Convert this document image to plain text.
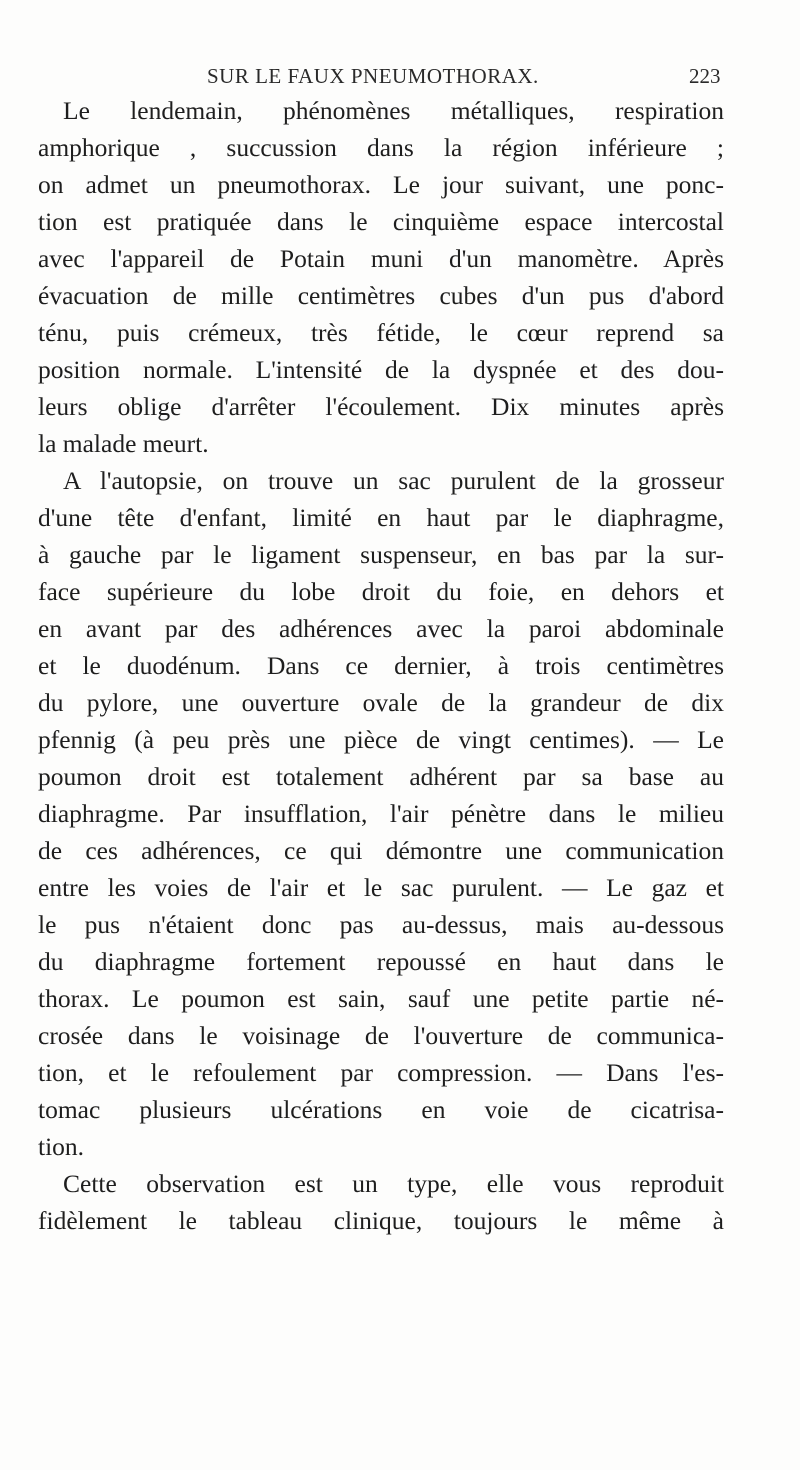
SUR LE FAUX PNEUMOTHORAX.	223
Le lendemain, phénomènes métalliques, respiration
amphorique , succussion dans la région inférieure ;
on admet un pneumothorax. Le jour suivant, une ponc-
tion est pratiquée dans le cinquième espace intercostal
avec l'appareil de Potain muni d'un manomètre. Après
évacuation de mille centimètres cubes d'un pus d'abord
ténu, puis crémeux, très fétide, le cœur reprend sa
position normale. L'intensité de la dyspnée et des dou-
leurs oblige d'arrêter l'écoulement. Dix minutes après
la malade meurt.
A l'autopsie, on trouve un sac purulent de la grosseur
d'une tête d'enfant, limité en haut par le diaphragme,
à gauche par le ligament suspenseur, en bas par la sur-
face supérieure du lobe droit du foie, en dehors et
en avant par des adhérences avec la paroi abdominale
et le duodénum. Dans ce dernier, à trois centimètres
du pylore, une ouverture ovale de la grandeur de dix
pfennig (à peu près une pièce de vingt centimes). — Le
poumon droit est totalement adhérent par sa base au
diaphragme. Par insufflation, l'air pénètre dans le milieu
de ces adhérences, ce qui démontre une communication
entre les voies de l'air et le sac purulent. — Le gaz et
le pus n'étaient donc pas au-dessus, mais au-dessous
du diaphragme fortement repoussé en haut dans le
thorax. Le poumon est sain, sauf une petite partie né-
crosée dans le voisinage de l'ouverture de communica-
tion, et le refoulement par compression. — Dans l'es-
tomac plusieurs ulcérations en voie de cicatrisa-
tion.
Cette observation est un type, elle vous reproduit
fidèlement le tableau clinique, toujours le même à
